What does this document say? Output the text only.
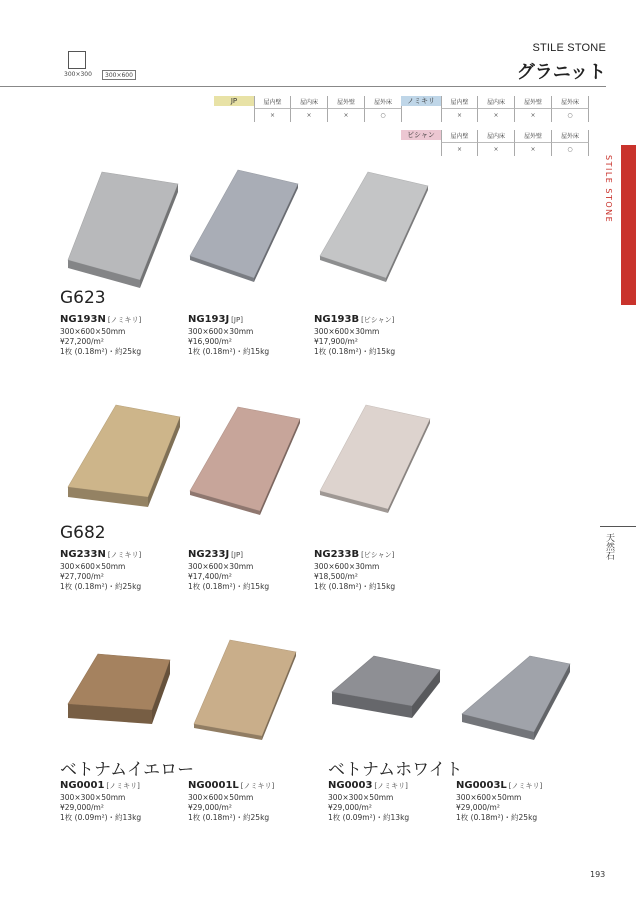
300×300	300×600
STILE STONE
グラニット
JP	屋内壁	屋内床	屋外壁	屋外床
×	×	×	○
ノミキリ	屋内壁	屋内床	屋外壁	屋外床
×	×	×	○
ビシャン	屋内壁	屋内床	屋外壁	屋外床
×	×	×	○
STILE STONE
天然石
G623
NG193N [ノミキリ]
300×600×50mm
¥27,200/m²
1枚 (0.18m²)・約25kg
NG193J [JP]
300×600×30mm
¥16,900/m²
1枚 (0.18m²)・約15kg
NG193B [ビシャン]
300×600×30mm
¥17,900/m²
1枚 (0.18m²)・約15kg
G682
NG233N [ノミキリ]
300×600×50mm
¥27,700/m²
1枚 (0.18m²)・約25kg
NG233J [JP]
300×600×30mm
¥17,400/m²
1枚 (0.18m²)・約15kg
NG233B [ビシャン]
300×600×30mm
¥18,500/m²
1枚 (0.18m²)・約15kg
ベトナムイエロー	ベトナムホワイト
NG0001 [ノミキリ]
300×300×50mm
¥29,000/m²
1枚 (0.09m²)・約13kg
NG0001L [ノミキリ]
300×600×50mm
¥29,000/m²
1枚 (0.18m²)・約25kg
NG0003 [ノミキリ]
300×300×50mm
¥29,000/m²
1枚 (0.09m²)・約13kg
NG0003L [ノミキリ]
300×600×50mm
¥29,000/m²
1枚 (0.18m²)・約25kg
193
